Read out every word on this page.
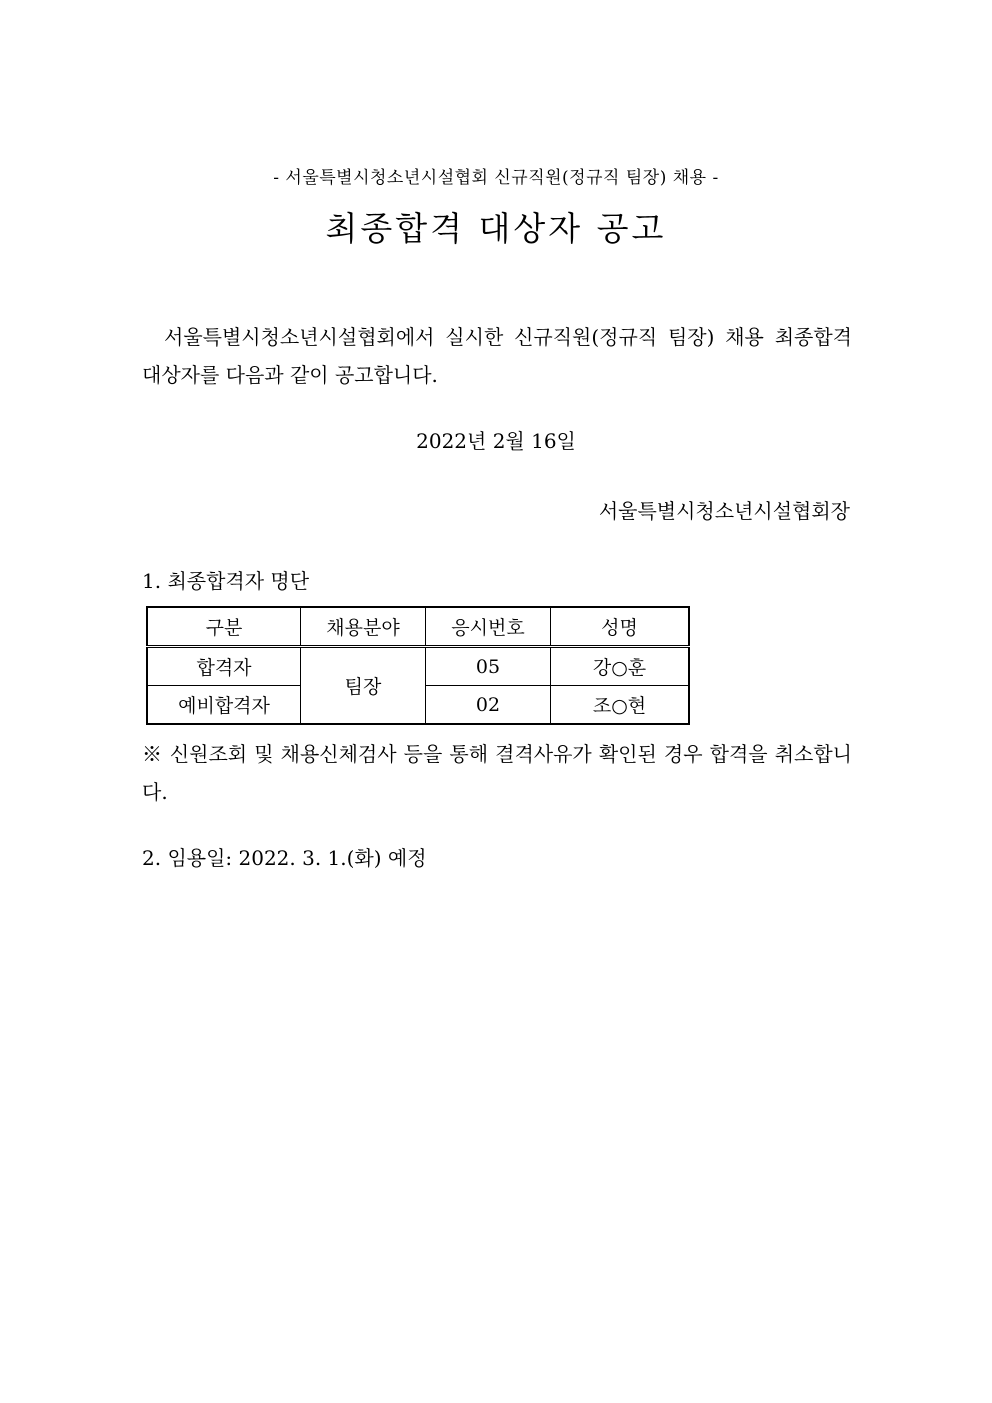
- 서울특별시청소년시설협회 신규직원(정규직 팀장) 채용 -
최종합격 대상자 공고
서울특별시청소년시설협회에서 실시한 신규직원(정규직 팀장) 채용 최종합격 대상자를 다음과 같이 공고합니다.
2022년 2월 16일
서울특별시청소년시설협회장
1. 최종합격자 명단
구분	채용분야	응시번호	성명
합격자	팀장	05	강○훈
예비합격자		02	조○현
※ 신원조회 및 채용신체검사 등을 통해 결격사유가 확인된 경우 합격을 취소합니다.
2. 임용일: 2022. 3. 1.(화) 예정
